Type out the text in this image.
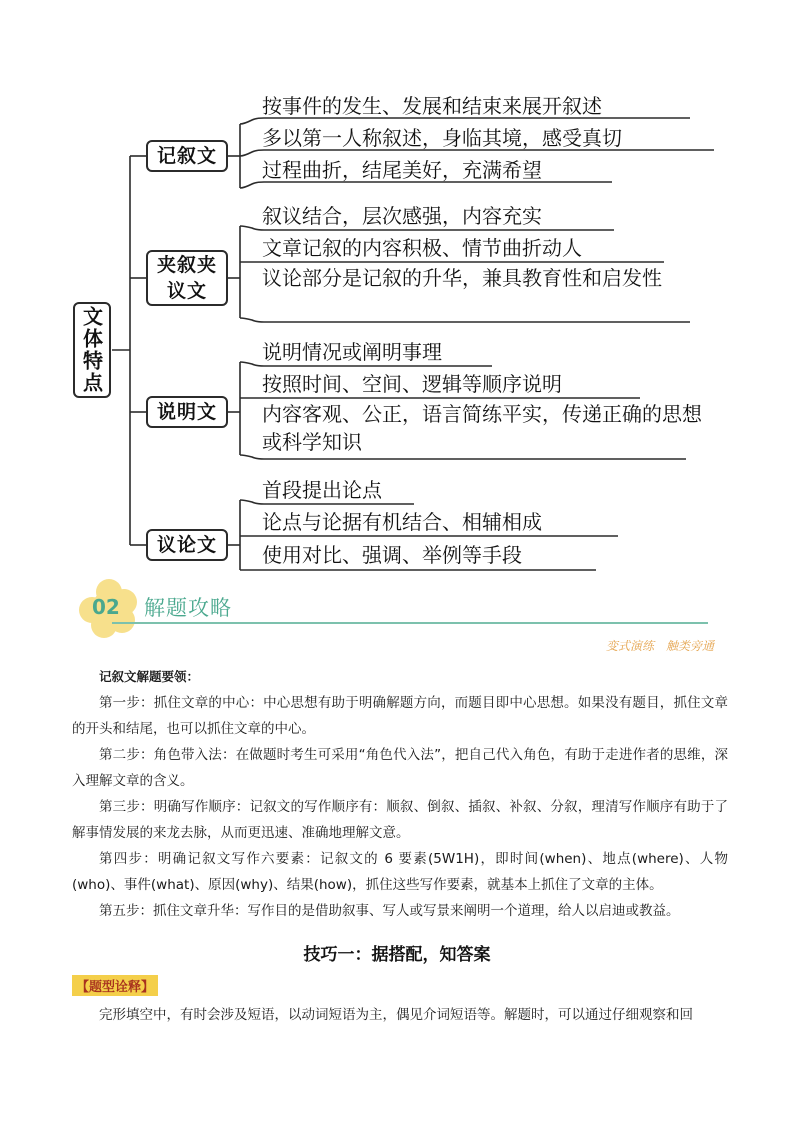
文体特点
记叙文
夹叙夹
议文
说明文
议论文
按事件的发生、发展和结束来展开叙述
多以第一人称叙述，身临其境，感受真切
过程曲折，结尾美好，充满希望
叙议结合，层次感强，内容充实
文章记叙的内容积极、情节曲折动人
议论部分是记叙的升华，兼具教育性和启发性
说明情况或阐明事理
按照时间、空间、逻辑等顺序说明
内容客观、公正，语言简练平实，传递正确的思想或科学知识
首段提出论点
论点与论据有机结合、相辅相成
使用对比、强调、举例等手段
02 解题攻略
变式演练　触类旁通

记叙文解题要领：

第一步：抓住文章的中心：中心思想有助于明确解题方向，而题目即中心思想。如果没有题目，抓住文章的开头和结尾，也可以抓住文章的中心。

第二步：角色带入法：在做题时考生可采用“角色代入法”，把自己代入角色，有助于走进作者的思维，深入理解文章的含义。

第三步：明确写作顺序：记叙文的写作顺序有：顺叙、倒叙、插叙、补叙、分叙，理清写作顺序有助于了解事情发展的来龙去脉，从而更迅速、准确地理解文意。

第四步：明确记叙文写作六要素：记叙文的 6 要素(5W1H)，即时间(when)、地点(where)、人物(who)、事件(what)、原因(why)、结果(how)，抓住这些写作要素，就基本上抓住了文章的主体。

第五步：抓住文章升华：写作目的是借助叙事、写人或写景来阐明一个道理，给人以启迪或教益。

技巧一：据搭配，知答案
【题型诠释】
完形填空中，有时会涉及短语，以动词短语为主，偶见介词短语等。解题时，可以通过仔细观察和回
